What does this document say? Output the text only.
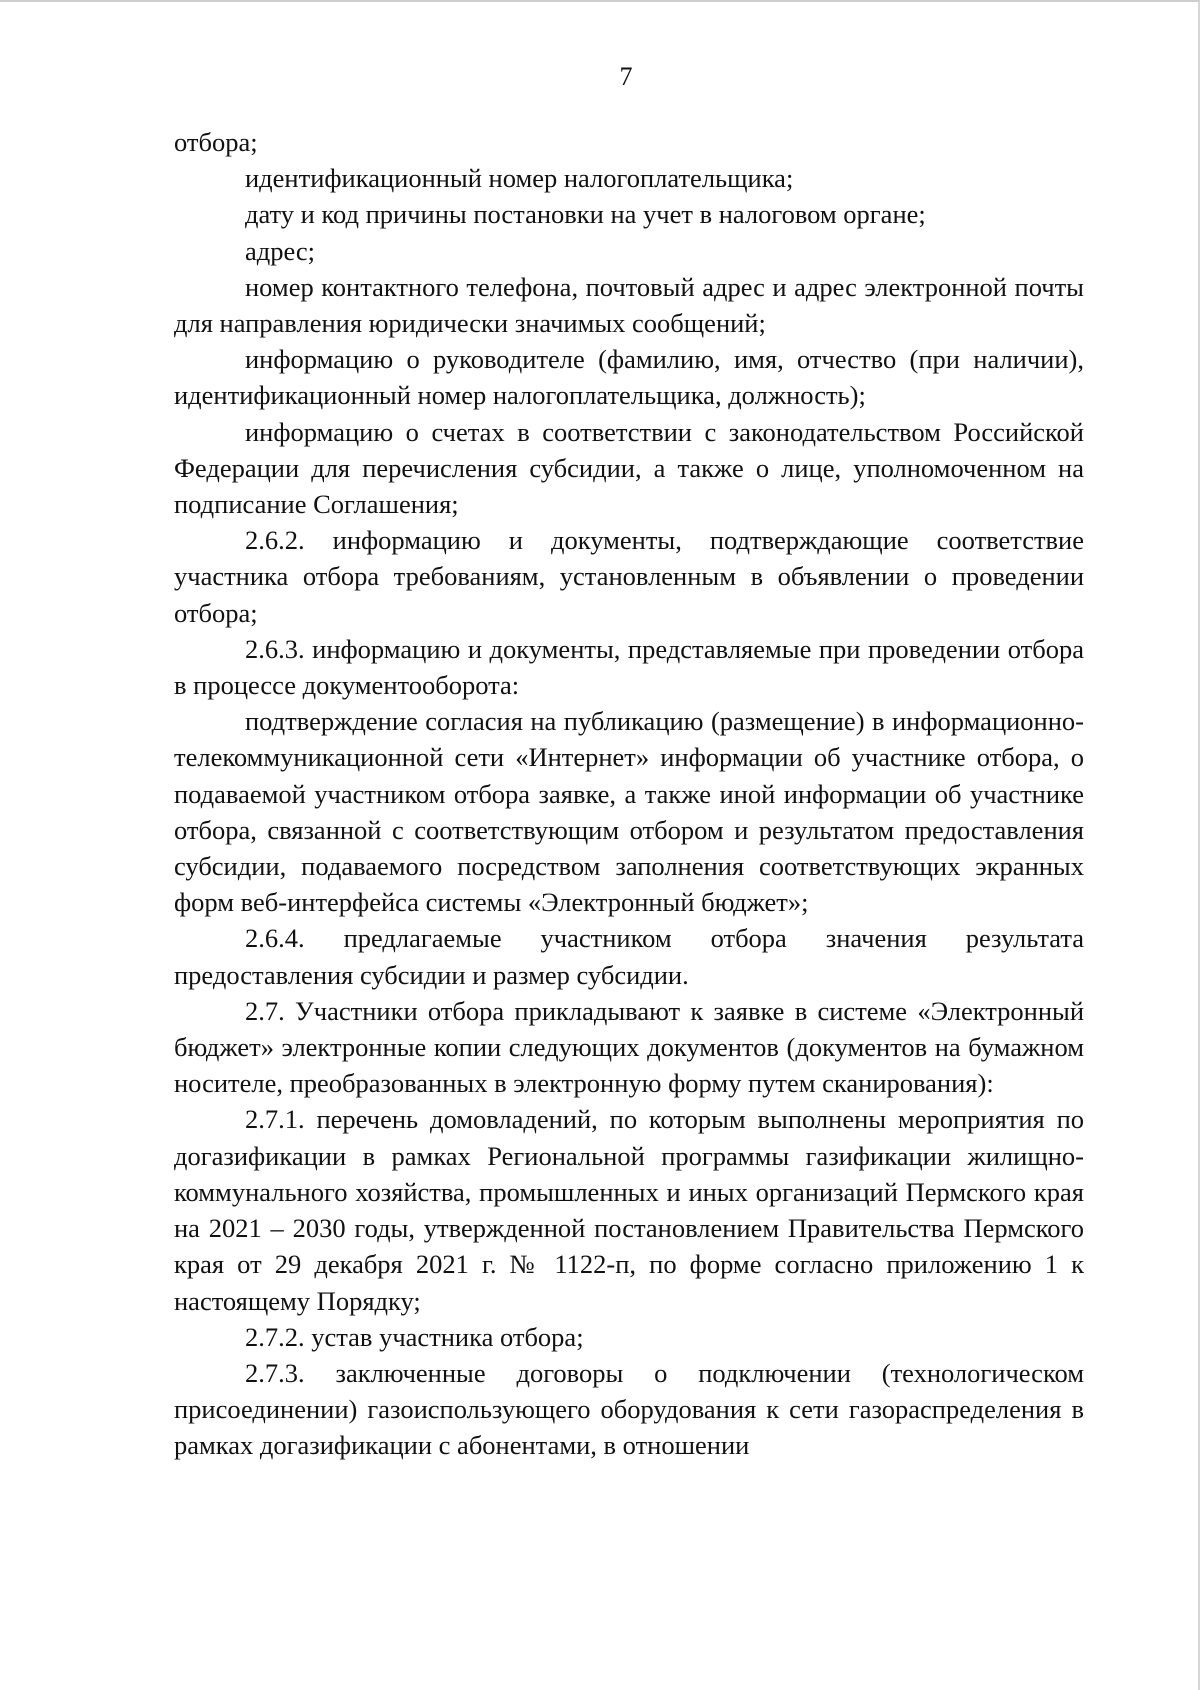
7

отбора;

идентификационный номер налогоплательщика;

дату и код причины постановки на учет в налоговом органе;

адрес;

номер контактного телефона, почтовый адрес и адрес электронной почты для направления юридически значимых сообщений;

информацию о руководителе (фамилию, имя, отчество (при наличии), идентификационный номер налогоплательщика, должность);

информацию о счетах в соответствии с законодательством Российской Федерации для перечисления субсидии, а также о лице, уполномоченном на подписание Соглашения;

2.6.2. информацию и документы, подтверждающие соответствие участника отбора требованиям, установленным в объявлении о проведении отбора;

2.6.3. информацию и документы, представляемые при проведении отбора в процессе документооборота:

подтверждение согласия на публикацию (размещение) в информационно-телекоммуникационной сети «Интернет» информации об участнике отбора, о подаваемой участником отбора заявке, а также иной информации об участнике отбора, связанной с соответствующим отбором и результатом предоставления субсидии, подаваемого посредством заполнения соответствующих экранных форм веб-интерфейса системы «Электронный бюджет»;

2.6.4. предлагаемые участником отбора значения результата предоставления субсидии и размер субсидии.

2.7. Участники отбора прикладывают к заявке в системе «Электронный бюджет» электронные копии следующих документов (документов на бумажном носителе, преобразованных в электронную форму путем сканирования):

2.7.1. перечень домовладений, по которым выполнены мероприятия по догазификации в рамках Региональной программы газификации жилищно-коммунального хозяйства, промышленных и иных организаций Пермского края на 2021 – 2030 годы, утвержденной постановлением Правительства Пермского края от 29 декабря 2021 г. № 1122-п, по форме согласно приложению 1 к настоящему Порядку;

2.7.2. устав участника отбора;

2.7.3. заключенные договоры о подключении (технологическом присоединении) газоиспользующего оборудования к сети газораспределения в рамках догазификации с абонентами, в отношении
